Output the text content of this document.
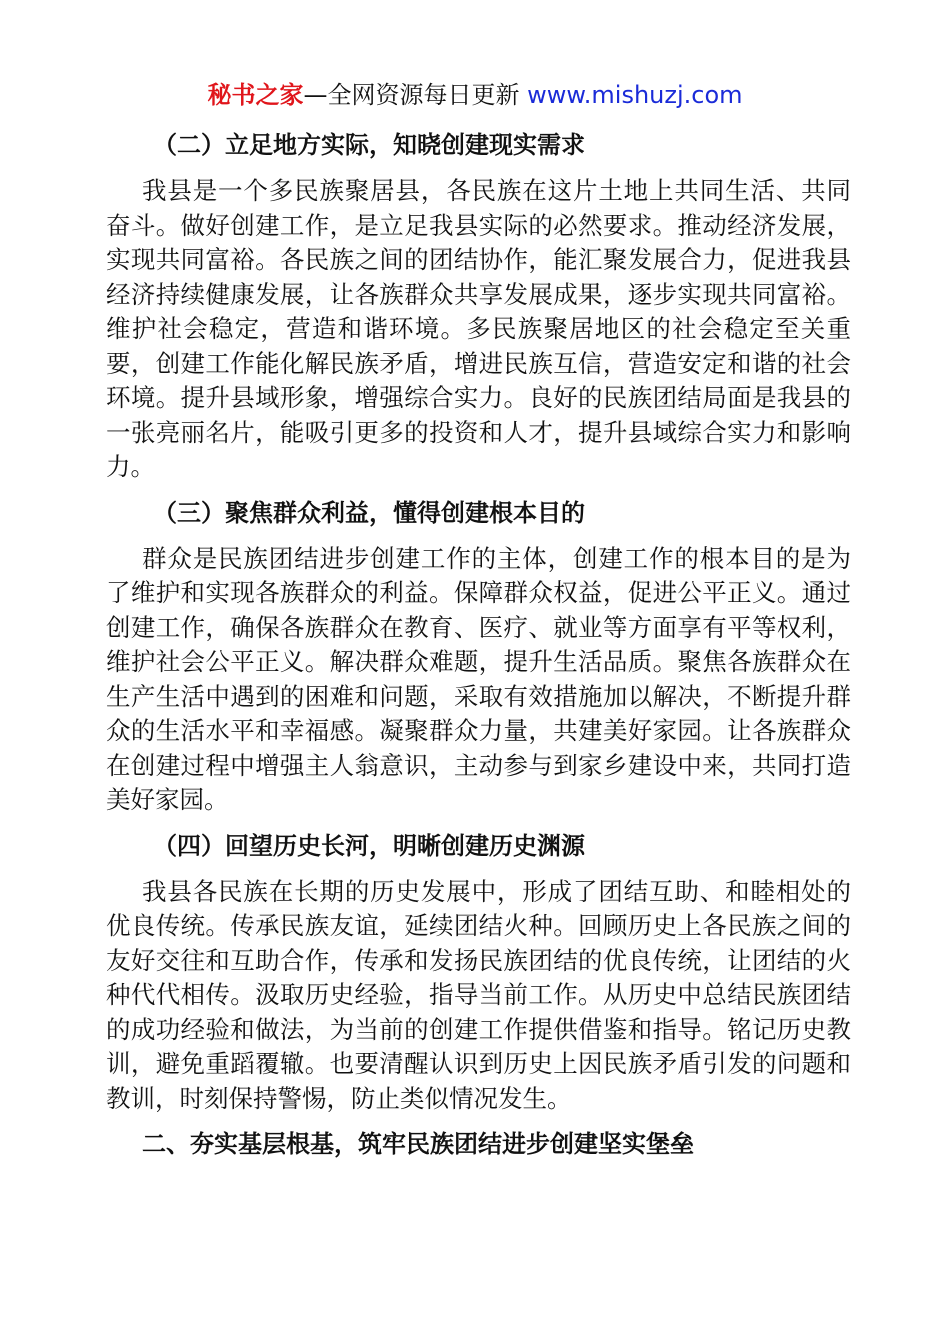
秘书之家—全网资源每日更新 www.mishuzj.com
（二）立足地方实际，知晓创建现实需求

我县是一个多民族聚居县，各民族在这片土地上共同生活、共同奋斗。做好创建工作，是立足我县实际的必然要求。推动经济发展，实现共同富裕。各民族之间的团结协作，能汇聚发展合力，促进我县经济持续健康发展，让各族群众共享发展成果，逐步实现共同富裕。维护社会稳定，营造和谐环境。多民族聚居地区的社会稳定至关重要，创建工作能化解民族矛盾，增进民族互信，营造安定和谐的社会环境。提升县域形象，增强综合实力。良好的民族团结局面是我县的一张亮丽名片，能吸引更多的投资和人才，提升县域综合实力和影响力。

（三）聚焦群众利益，懂得创建根本目的

群众是民族团结进步创建工作的主体，创建工作的根本目的是为了维护和实现各族群众的利益。保障群众权益，促进公平正义。通过创建工作，确保各族群众在教育、医疗、就业等方面享有平等权利，维护社会公平正义。解决群众难题，提升生活品质。聚焦各族群众在生产生活中遇到的困难和问题，采取有效措施加以解决，不断提升群众的生活水平和幸福感。凝聚群众力量，共建美好家园。让各族群众在创建过程中增强主人翁意识，主动参与到家乡建设中来，共同打造美好家园。

（四）回望历史长河，明晰创建历史渊源

我县各民族在长期的历史发展中，形成了团结互助、和睦相处的优良传统。传承民族友谊，延续团结火种。回顾历史上各民族之间的友好交往和互助合作，传承和发扬民族团结的优良传统，让团结的火种代代相传。汲取历史经验，指导当前工作。从历史中总结民族团结的成功经验和做法，为当前的创建工作提供借鉴和指导。铭记历史教训，避免重蹈覆辙。也要清醒认识到历史上因民族矛盾引发的问题和教训，时刻保持警惕，防止类似情况发生。

二、夯实基层根基，筑牢民族团结进步创建坚实堡垒
